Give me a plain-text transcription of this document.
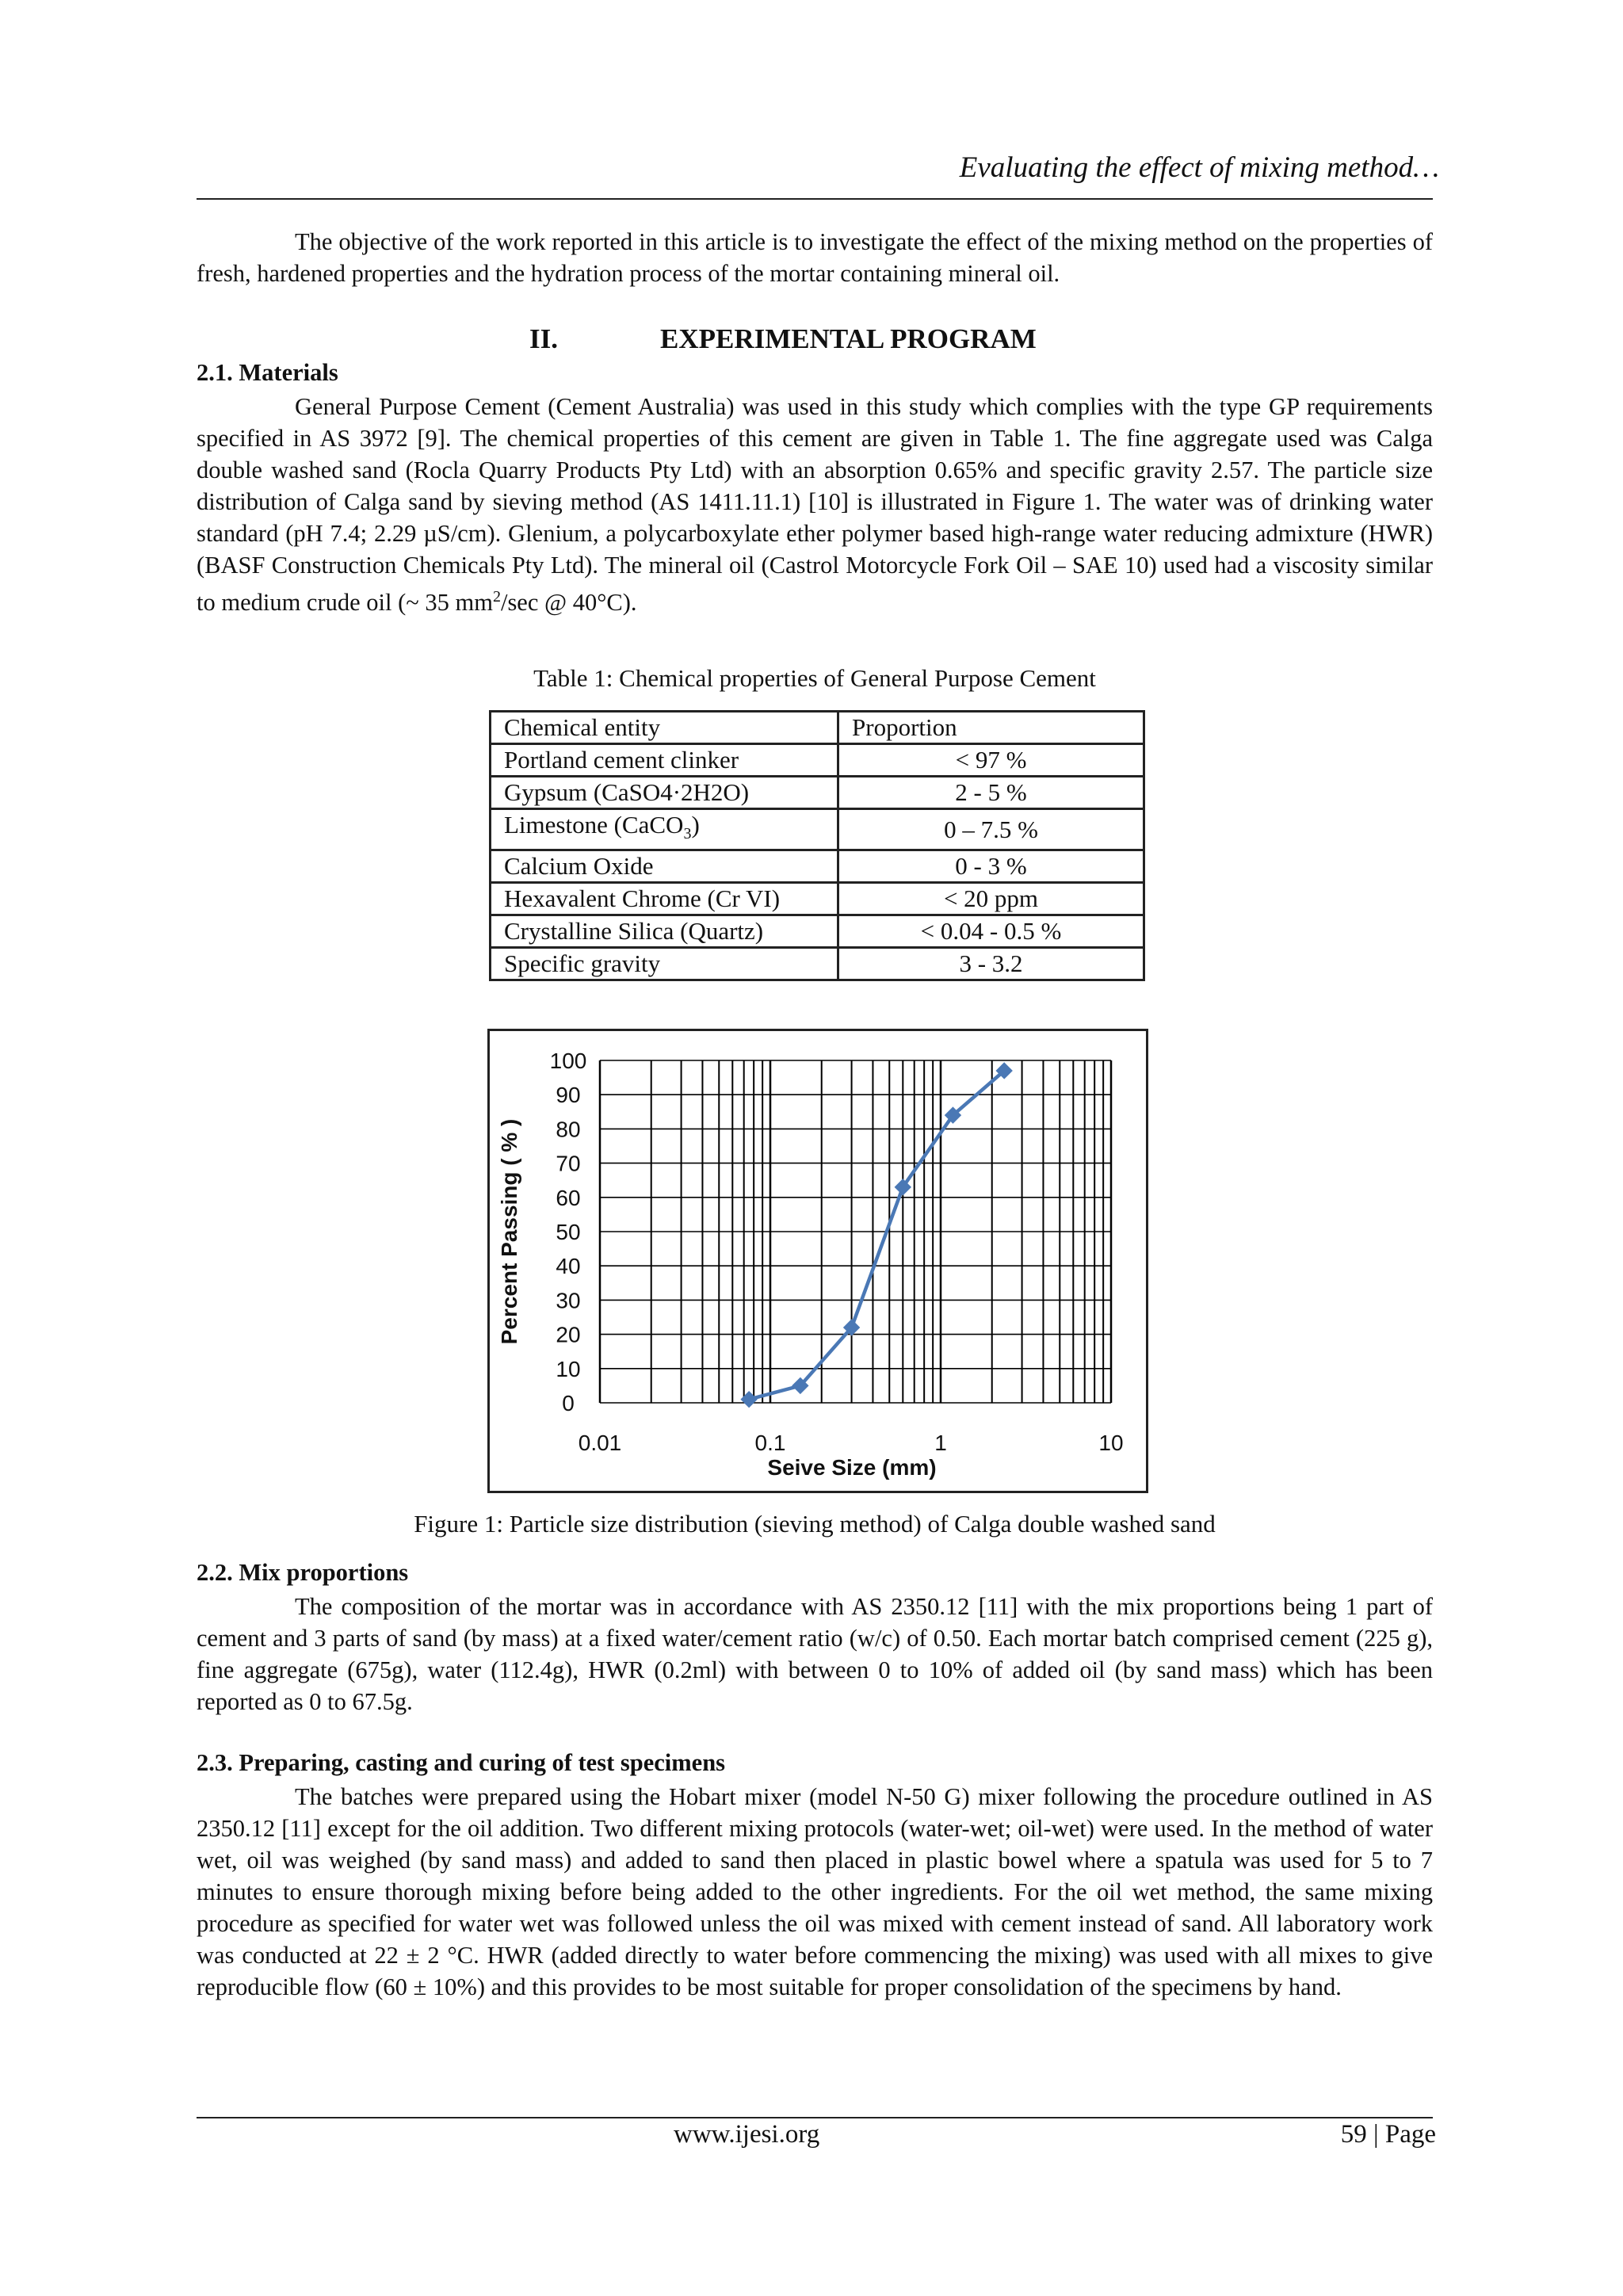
Evaluating the effect of mixing method…

The objective of the work reported in this article is to investigate the effect of the mixing method on the properties of fresh, hardened properties and the hydration process of the mortar containing mineral oil.

II.	EXPERIMENTAL PROGRAM
2.1. Materials

General Purpose Cement (Cement Australia) was used in this study which complies with the type GP requirements specified in AS 3972 [9]. The chemical properties of this cement are given in Table 1. The fine aggregate used was Calga double washed sand (Rocla Quarry Products Pty Ltd) with an absorption 0.65% and specific gravity 2.57. The particle size distribution of Calga sand by sieving method (AS 1411.11.1) [10] is illustrated in Figure 1. The water was of drinking water standard (pH 7.4; 2.29 µS/cm). Glenium, a polycarboxylate ether polymer based high-range water reducing admixture (HWR) (BASF Construction Chemicals Pty Ltd). The mineral oil (Castrol Motorcycle Fork Oil – SAE 10) used had a viscosity similar to medium crude oil (~ 35 $mm^2/\sec$ @ 40°C).

Table 1: Chemical properties of General Purpose Cement
Chemical entity	Proportion
Portland cement clinker	< 97 %
Gypsum (CaSO4·2H2O)	2 - 5 %
Limestone (CaCO$_3$)	0 – 7.5 %
Calcium Oxide	0 - 3 %
Hexavalent Chrome (Cr VI)	< 20 ppm
Crystalline Silica (Quartz)	< 0.04 - 0.5 %
Specific gravity	3 - 3.2
0
10
20
30
40
50
60
70
80
90
100
0.01	0.1	1	10
Seive Size (mm)
Percent Passing ( % )
Figure 1: Particle size distribution (sieving method) of Calga double washed sand
2.2. Mix proportions

The composition of the mortar was in accordance with AS 2350.12 [11] with the mix proportions being 1 part of cement and 3 parts of sand (by mass) at a fixed water/cement ratio (w/c) of 0.50. Each mortar batch comprised cement (225 g), fine aggregate (675g), water (112.4g), HWR (0.2ml) with between 0 to 10% of added oil (by sand mass) which has been reported as 0 to 67.5g.

2.3. Preparing, casting and curing of test specimens

The batches were prepared using the Hobart mixer (model N-50 G) mixer following the procedure outlined in AS 2350.12 [11] except for the oil addition. Two different mixing protocols (water-wet; oil-wet) were used. In the method of water wet, oil was weighed (by sand mass) and added to sand then placed in plastic bowel where a spatula was used for 5 to 7 minutes to ensure thorough mixing before being added to the other ingredients. For the oil wet method, the same mixing procedure as specified for water wet was followed unless the oil was mixed with cement instead of sand. All laboratory work was conducted at 22 ± 2 °C. HWR (added directly to water before commencing the mixing) was used with all mixes to give reproducible flow (60 ± 10%) and this provides to be most suitable for proper consolidation of the specimens by hand.

www.ijesi.org	59 | Page
